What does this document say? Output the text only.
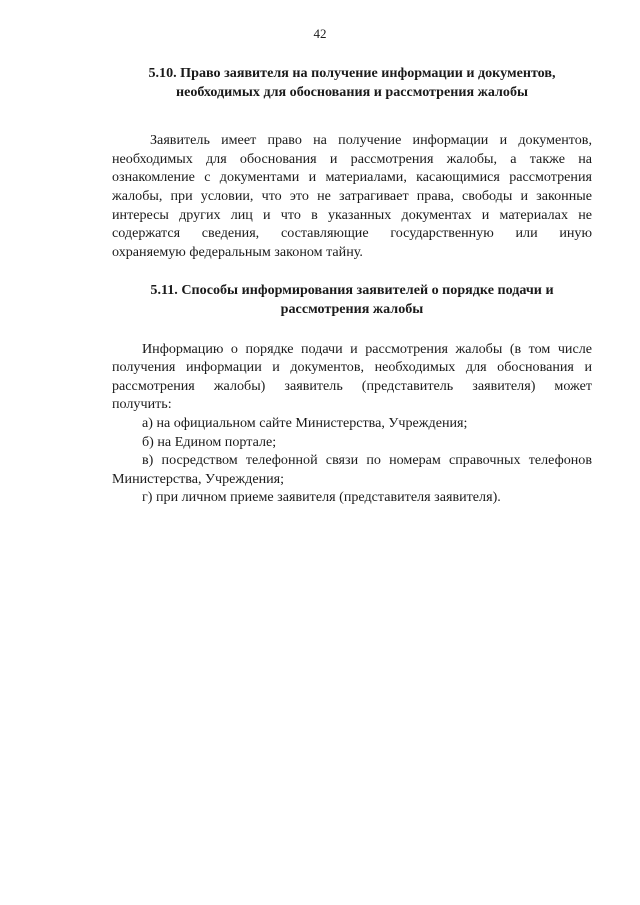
42
5.10. Право заявителя на получение информации и документов,
необходимых для обоснования и рассмотрения жалобы
Заявитель имеет право на получение информации и документов,
необходимых для обоснования и рассмотрения жалобы, а также на
ознакомление с документами и материалами, касающимися рассмотрения
жалобы, при условии, что это не затрагивает права, свободы и законные
интересы других лиц и что в указанных документах и материалах не
содержатся сведения, составляющие государственную или иную
охраняемую федеральным законом тайну.
5.11. Способы информирования заявителей о порядке подачи и
рассмотрения жалобы
Информацию о порядке подачи и рассмотрения жалобы (в том числе
получения информации и документов, необходимых для обоснования и
рассмотрения жалобы) заявитель (представитель заявителя) может
получить:
а) на официальном сайте Министерства, Учреждения;
б) на Едином портале;
в) посредством телефонной связи по номерам справочных телефонов
Министерства, Учреждения;
г) при личном приеме заявителя (представителя заявителя).
